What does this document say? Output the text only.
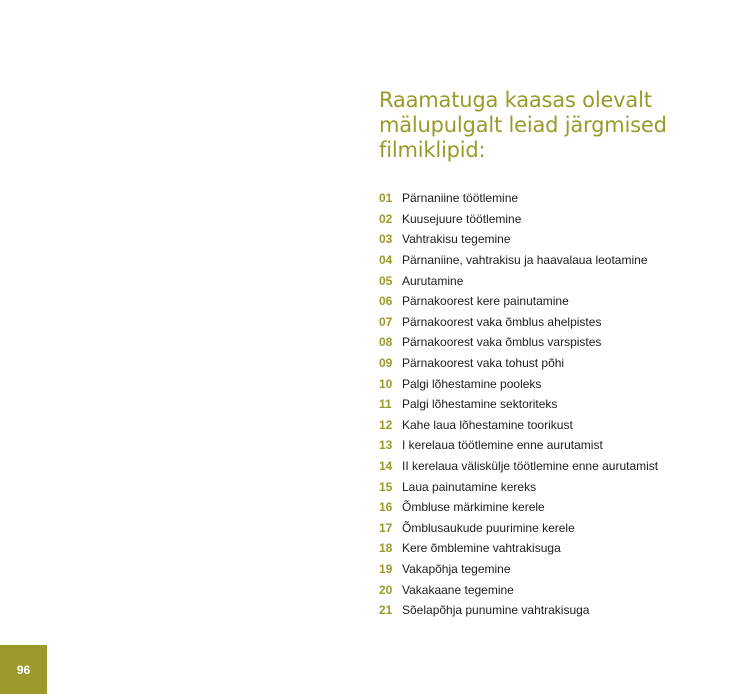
Raamatuga kaasas olevalt mälupulgalt leiad järgmised filmiklipid:
01 Pärnaniine töötlemine
02 Kuusejuure töötlemine
03 Vahtrakisu tegemine
04 Pärnaniine, vahtrakisu ja haavalaua leotamine
05 Aurutamine
06 Pärnakoorest kere painutamine
07 Pärnakoorest vaka õmblus ahelpistes
08 Pärnakoorest vaka õmblus varspistes
09 Pärnakoorest vaka tohust põhi
10 Palgi lõhestamine pooleks
11 Palgi lõhestamine sektoriteks
12 Kahe laua lõhestamine toorikust
13 I kerelaua töötlemine enne aurutamist
14 II kerelaua väliskülje töötlemine enne aurutamist
15 Laua painutamine kereks
16 Õmbluse märkimine kerele
17 Õmblusaukude puurimine kerele
18 Kere õmblemine vahtrakisuga
19 Vakapõhja tegemine
20 Vakakaane tegemine
21 Sõelapõhja punumine vahtrakisuga
96
